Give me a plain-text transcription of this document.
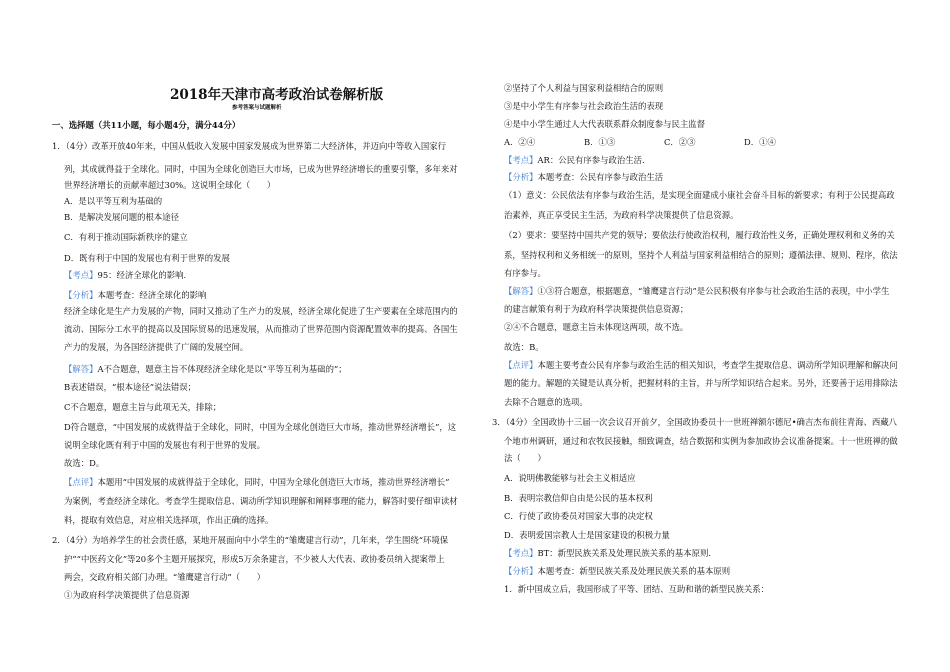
2018年天津市高考政治试卷解析版
参考答案与试题解析
一、选择题（共11小题，每小题4分，满分44分）
1．（4分）改革开放40年来，中国从低收入发展中国家发展成为世界第二大经济体，并迈向中等收入国家行
列，其成就得益于全球化。同时，中国为全球化创造巨大市场，已成为世界经济增长的重要引擎，多年来对
世界经济增长的贡献率超过30%。这说明全球化（　　）
A．是以平等互利为基础的
B．是解决发展问题的根本途径
C．有利于推动国际新秩序的建立
D．既有利于中国的发展也有利于世界的发展
【考点】95：经济全球化的影响.
【分析】本题考查：经济全球化的影响
经济全球化是生产力发展的产物，同时又推动了生产力的发展，经济全球化促进了生产要素在全球范围内的
流动、国际分工水平的提高以及国际贸易的迅速发展，从而推动了世界范围内资源配置效率的提高、各国生
产力的发展，为各国经济提供了广阔的发展空间。
【解答】A不合题意，题意主旨不体现经济全球化是以“平等互利为基础的”；
B表述错误，“根本途径”说法错误；
C不合题意，题意主旨与此项无关，排除；
D符合题意，“中国发展的成就得益于全球化，同时，中国为全球化创造巨大市场，推动世界经济增长”，这
说明全球化既有利于中国的发展也有利于世界的发展。
故选：D。
【点评】本题用“中国发展的成就得益于全球化，同时，中国为全球化创造巨大市场，推动世界经济增长”
为案例，考查经济全球化。考查学生提取信息、调动所学知识理解和阐释事理的能力，解答时要仔细审读材
料，提取有效信息，对应相关选择项，作出正确的选择。
2．（4分）为培养学生的社会责任感，某地开展面向中小学生的“雏鹰建言行动”，几年来，学生围绕“环境保
护”“中医药文化”等20多个主题开展探究，形成5万余条建言，不少被人大代表、政协委员纳入提案带上
两会，交政府相关部门办理。“雏鹰建言行动”（　　）
①为政府科学决策提供了信息资源
②坚持了个人利益与国家利益相结合的原则
③是中小学生有序参与社会政治生活的表现
④是中小学生通过人大代表联系群众制度参与民主监督
A．②④	B．①③	C．②③	D．①④
【考点】AR：公民有序参与政治生活.
【分析】本题考查：公民有序参与政治生活
（1）意义：公民依法有序参与政治生活，是实现全面建成小康社会奋斗目标的新要求；有利于公民提高政
治素养，真正享受民主生活，为政府科学决策提供了信息资源。
（2）要求：要坚持中国共产党的领导；要依法行使政治权利，履行政治性义务，正确处理权利和义务的关
系，坚持权利和义务相统一的原则，坚持个人利益与国家利益相结合的原则；遵循法律、规则、程序，依法
有序参与。
【解答】①③符合题意，根据题意，“雏鹰建言行动”是公民积极有序参与社会政治生活的表现，中小学生
的建言献策有利于为政府科学决策提供信息资源；
②④不合题意，题意主旨未体现这两项，故不选。
故选：B。
【点评】本题主要考查公民有序参与政治生活的相关知识，考查学生提取信息、调动所学知识理解和解决问
题的能力。解题的关键是认真分析，把握材料的主旨，并与所学知识结合起来。另外，还要善于运用排除法
去除不合题意的选项。
3．（4分）全国政协十三届一次会议召开前夕，全国政协委员十一世班禅额尔德尼•确吉杰布前往青海、西藏八
个地市州调研，通过和农牧民接触，细致调查，结合数据和实例为参加政协会议准备提案。十一世班禅的做
法（　　）
A．说明佛教能够与社会主义相适应
B．表明宗教信仰自由是公民的基本权利
C．行使了政协委员对国家大事的决定权
D．表明爱国宗教人士是国家建设的积极力量
【考点】BT：新型民族关系及处理民族关系的基本原则.
【分析】本题考查：新型民族关系及处理民族关系的基本原则
1．新中国成立后，我国形成了平等、团结、互助和谐的新型民族关系：
